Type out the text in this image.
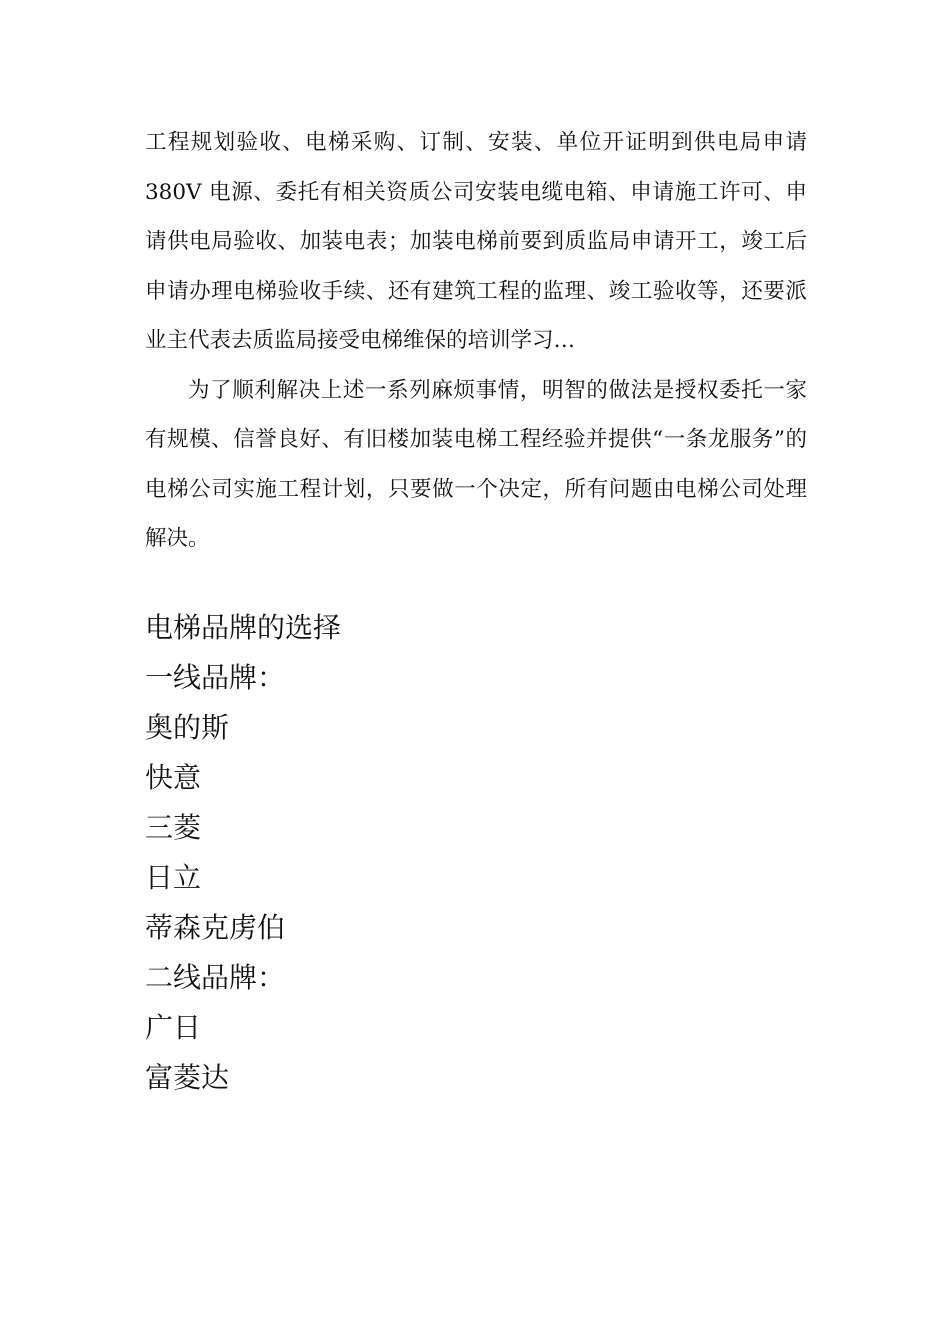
工程规划验收、电梯采购、订制、安装、单位开证明到供电局申请380V 电源、委托有相关资质公司安装电缆电箱、申请施工许可、申请供电局验收、加装电表；加装电梯前要到质监局申请开工，竣工后申请办理电梯验收手续、还有建筑工程的监理、竣工验收等，还要派业主代表去质监局接受电梯维保的培训学习…

为了顺利解决上述一系列麻烦事情，明智的做法是授权委托一家有规模、信誉良好、有旧楼加装电梯工程经验并提供“一条龙服务”的电梯公司实施工程计划，只要做一个决定，所有问题由电梯公司处理解决。

电梯品牌的选择
一线品牌：
奥的斯
快意
三菱
日立
蒂森克虏伯
二线品牌：
广日
富菱达
